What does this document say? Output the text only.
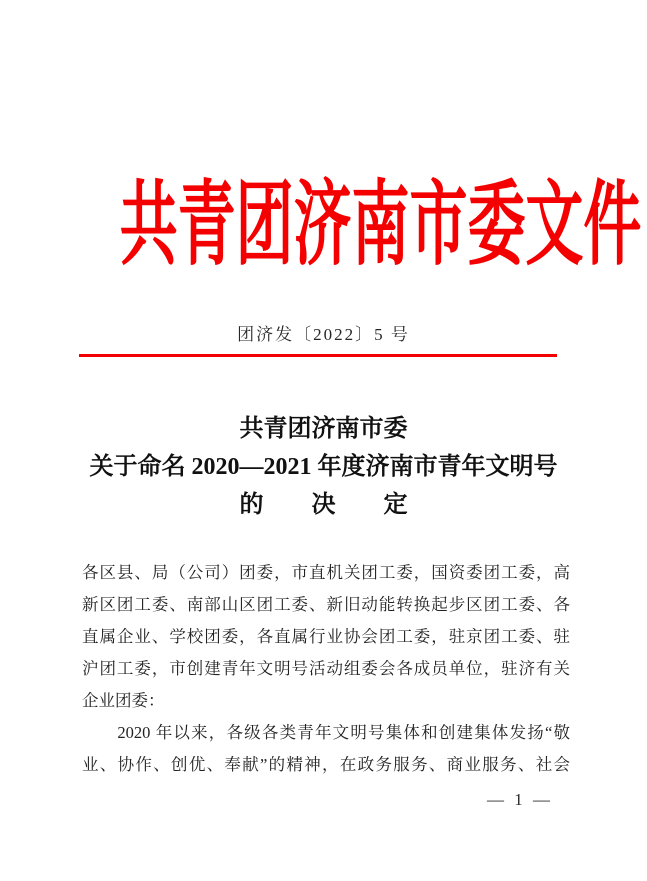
共青团济南市委文件
团济发〔2022〕5 号
共青团济南市委
关于命名 2020—2021 年度济南市青年文明号
的　　决　　定
各区县、局（公司）团委，市直机关团工委，国资委团工委，高
新区团工委、南部山区团工委、新旧动能转换起步区团工委、各
直属企业、学校团委，各直属行业协会团工委，驻京团工委、驻
沪团工委，市创建青年文明号活动组委会各成员单位，驻济有关
企业团委：
　　2020 年以来，各级各类青年文明号集体和创建集体发扬“敬
业、协作、创优、奉献”的精神，在政务服务、商业服务、社会
— 1 —
